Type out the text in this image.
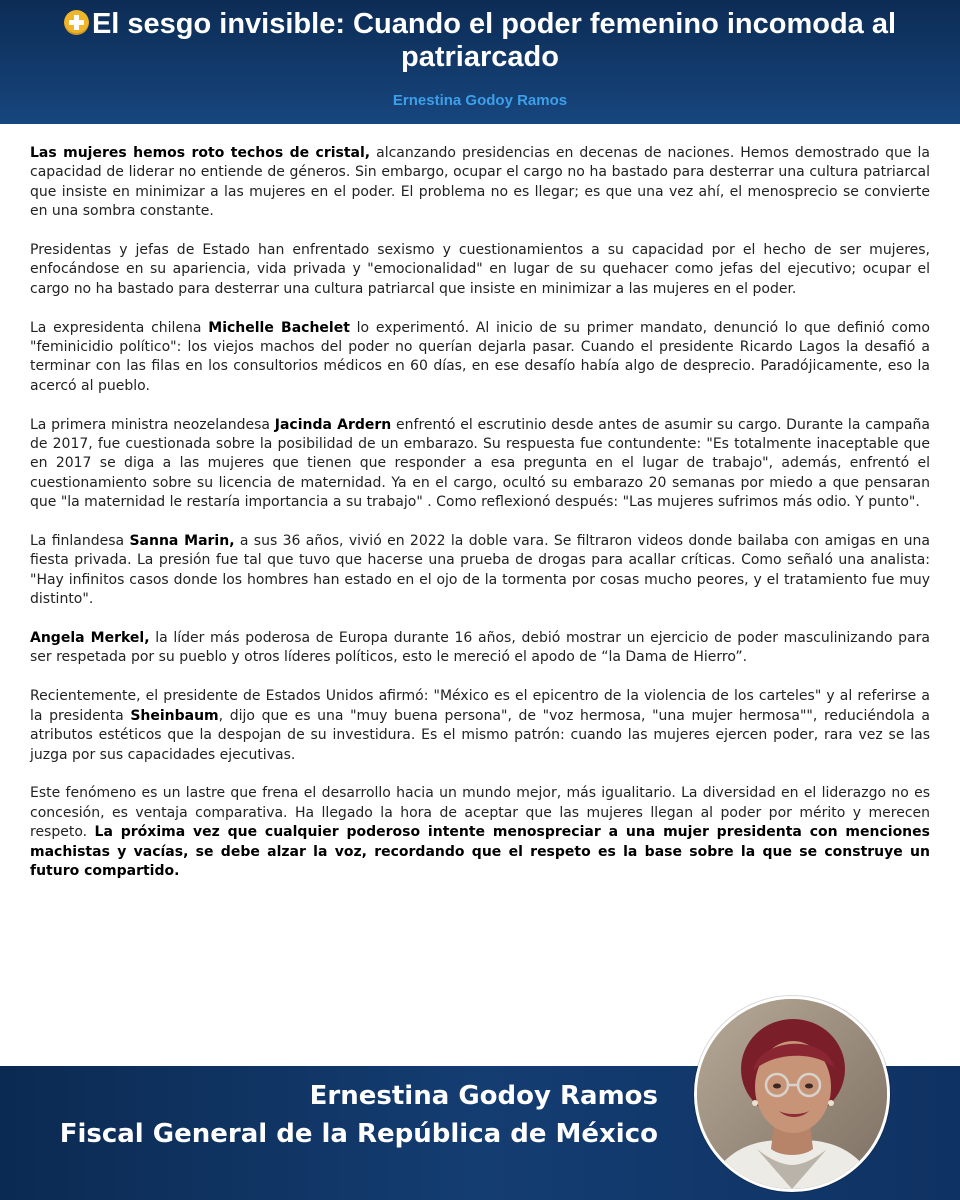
El sesgo invisible: Cuando el poder femenino incomoda al patriarcado
Ernestina Godoy Ramos

Las mujeres hemos roto techos de cristal, alcanzando presidencias en decenas de naciones. Hemos demostrado que la capacidad de liderar no entiende de géneros. Sin embargo, ocupar el cargo no ha bastado para desterrar una cultura patriarcal que insiste en minimizar a las mujeres en el poder. El problema no es llegar; es que una vez ahí, el menosprecio se convierte en una sombra constante.

Presidentas y jefas de Estado han enfrentado sexismo y cuestionamientos a su capacidad por el hecho de ser mujeres, enfocándose en su apariencia, vida privada y "emocionalidad" en lugar de su quehacer como jefas del ejecutivo; ocupar el cargo no ha bastado para desterrar una cultura patriarcal que insiste en minimizar a las mujeres en el poder.

La expresidenta chilena Michelle Bachelet lo experimentó. Al inicio de su primer mandato, denunció lo que definió como "feminicidio político": los viejos machos del poder no querían dejarla pasar. Cuando el presidente Ricardo Lagos la desafió a terminar con las filas en los consultorios médicos en 60 días, en ese desafío había algo de desprecio. Paradójicamente, eso la acercó al pueblo.

La primera ministra neozelandesa Jacinda Ardern enfrentó el escrutinio desde antes de asumir su cargo. Durante la campaña de 2017, fue cuestionada sobre la posibilidad de un embarazo. Su respuesta fue contundente: "Es totalmente inaceptable que en 2017 se diga a las mujeres que tienen que responder a esa pregunta en el lugar de trabajo", además, enfrentó el cuestionamiento sobre su licencia de maternidad. Ya en el cargo, ocultó su embarazo 20 semanas por miedo a que pensaran que "la maternidad le restaría importancia a su trabajo" . Como reflexionó después: "Las mujeres sufrimos más odio. Y punto".

La finlandesa Sanna Marin, a sus 36 años, vivió en 2022 la doble vara. Se filtraron videos donde bailaba con amigas en una fiesta privada. La presión fue tal que tuvo que hacerse una prueba de drogas para acallar críticas. Como señaló una analista: "Hay infinitos casos donde los hombres han estado en el ojo de la tormenta por cosas mucho peores, y el tratamiento fue muy distinto".

Angela Merkel, la líder más poderosa de Europa durante 16 años, debió mostrar un ejercicio de poder masculinizando para ser respetada por su pueblo y otros líderes políticos, esto le mereció el apodo de “la Dama de Hierro”.

Recientemente, el presidente de Estados Unidos afirmó: "México es el epicentro de la violencia de los carteles" y al referirse a la presidenta Sheinbaum, dijo que es una "muy buena persona", de "voz hermosa, "una mujer hermosa"", reduciéndola a atributos estéticos que la despojan de su investidura. Es el mismo patrón: cuando las mujeres ejercen poder, rara vez se las juzga por sus capacidades ejecutivas.

Este fenómeno es un lastre que frena el desarrollo hacia un mundo mejor, más igualitario. La diversidad en el liderazgo no es concesión, es ventaja comparativa. Ha llegado la hora de aceptar que las mujeres llegan al poder por mérito y merecen respeto. La próxima vez que cualquier poderoso intente menospreciar a una mujer presidenta con menciones machistas y vacías, se debe alzar la voz, recordando que el respeto es la base sobre la que se construye un futuro compartido.

Ernestina Godoy Ramos
Fiscal General de la República de México
